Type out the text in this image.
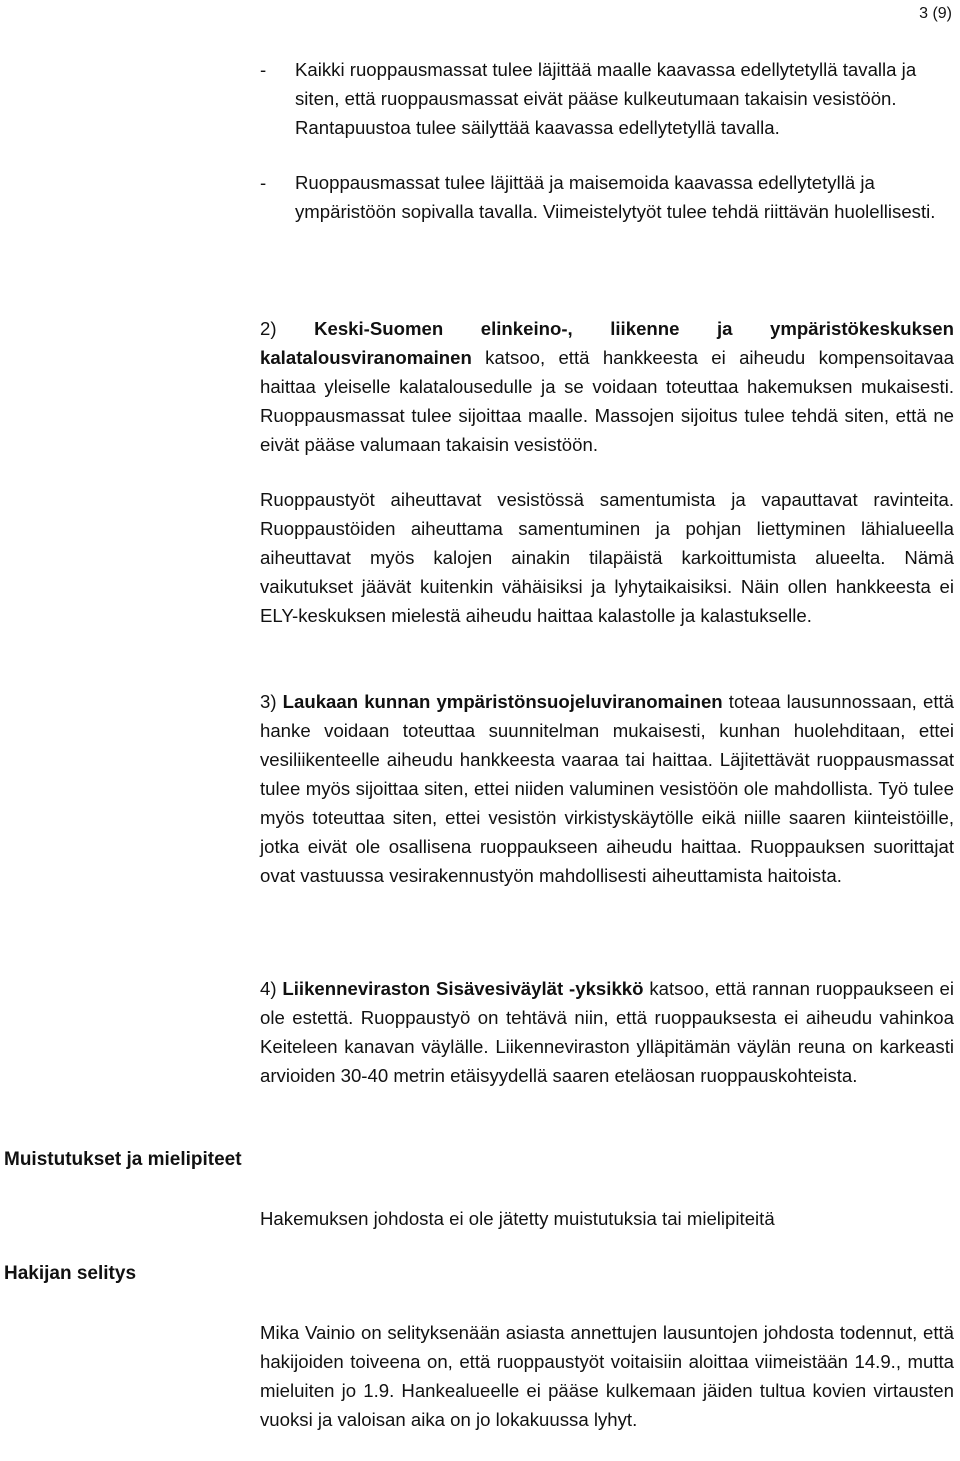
3 (9)
- Kaikki ruoppausmassat tulee läjittää maalle kaavassa edellytetyllä tavalla ja siten, että ruoppausmassat eivät pääse kulkeutumaan takaisin vesistöön. Rantapuustoa tulee säilyttää kaavassa edellytetyllä tavalla.
- Ruoppausmassat tulee läjittää ja maisemoida kaavassa edellytetyllä ja ympäristöön sopivalla tavalla. Viimeistelytyöt tulee tehdä riittävän huolellisesti.

2) Keski-Suomen elinkeino-, liikenne ja ympäristökeskuksen kalatalousviranomainen katsoo, että hankkeesta ei aiheudu kompensoitavaa haittaa yleiselle kalatalousedulle ja se voidaan toteuttaa hakemuksen mukaisesti. Ruoppausmassat tulee sijoittaa maalle. Massojen sijoitus tulee tehdä siten, että ne eivät pääse valumaan takaisin vesistöön.

Ruoppaustyöt aiheuttavat vesistössä samentumista ja vapauttavat ravinteita. Ruoppaustöiden aiheuttama samentuminen ja pohjan liettyminen lähialueella aiheuttavat myös kalojen ainakin tilapäistä karkoittumista alueelta. Nämä vaikutukset jäävät kuitenkin vähäisiksi ja lyhytaikaisiksi. Näin ollen hankkeesta ei ELY-keskuksen mielestä aiheudu haittaa kalastolle ja kalastukselle.

3) Laukaan kunnan ympäristönsuojeluviranomainen toteaa lausunnossaan, että hanke voidaan toteuttaa suunnitelman mukaisesti, kunhan huolehditaan, ettei vesiliikenteelle aiheudu hankkeesta vaaraa tai haittaa. Läjitettävät ruoppausmassat tulee myös sijoittaa siten, ettei niiden valuminen vesistöön ole mahdollista. Työ tulee myös toteuttaa siten, ettei vesistön virkistyskäytölle eikä niille saaren kiinteistöille, jotka eivät ole osallisena ruoppaukseen aiheudu haittaa. Ruoppauksen suorittajat ovat vastuussa vesirakennustyön mahdollisesti aiheuttamista haitoista.

4) Liikenneviraston Sisävesiväylät -yksikkö katsoo, että rannan ruoppaukseen ei ole estettä. Ruoppaustyö on tehtävä niin, että ruoppauksesta ei aiheudu vahinkoa Keiteleen kanavan väylälle. Liikenneviraston ylläpitämän väylän reuna on karkeasti arvioiden 30-40 metrin etäisyydellä saaren eteläosan ruoppauskohteista.

Muistutukset ja mielipiteet

Hakemuksen johdosta ei ole jätetty muistutuksia tai mielipiteitä

Hakijan selitys

Mika Vainio on selityksenään asiasta annettujen lausuntojen johdosta todennut, että hakijoiden toiveena on, että ruoppaustyöt voitaisiin aloittaa viimeistään 14.9., mutta mieluiten jo 1.9. Hankealueelle ei pääse kulkemaan jäiden tultua kovien virtausten vuoksi ja valoisan aika on jo lokakuussa lyhyt.
